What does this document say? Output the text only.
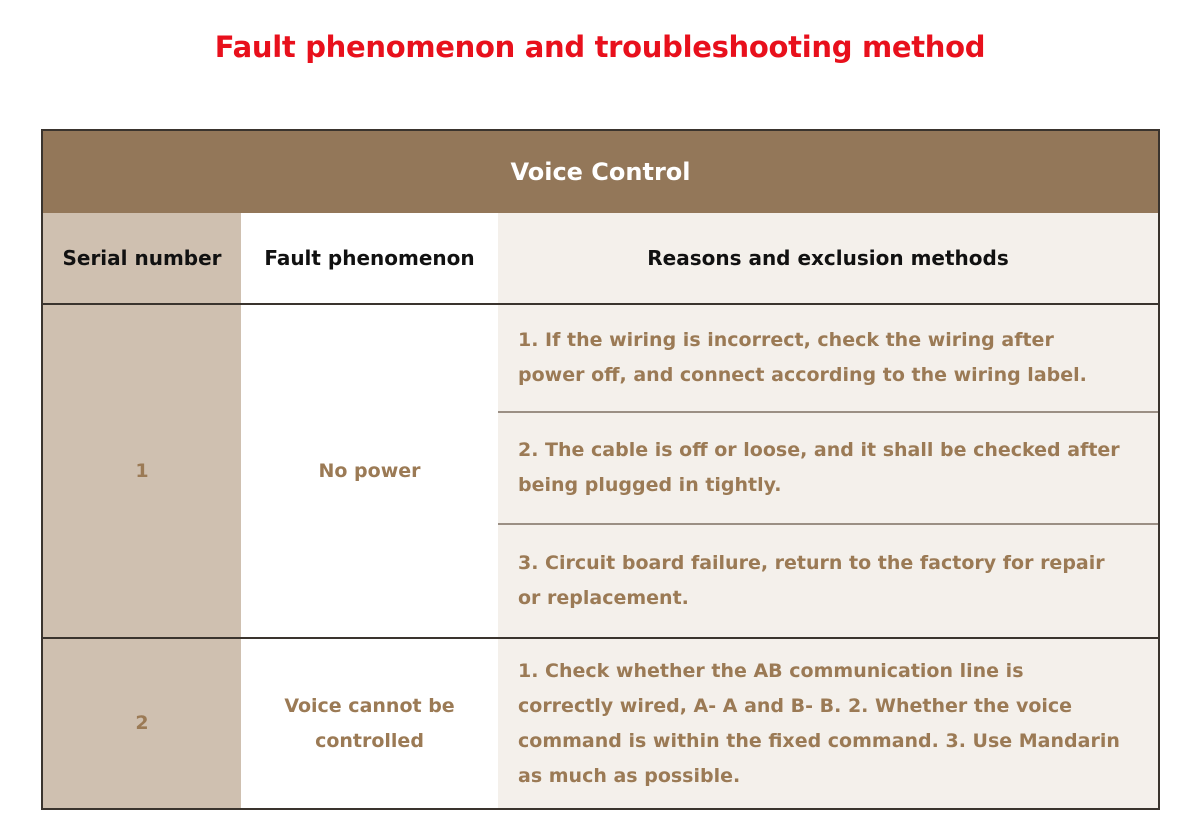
Fault phenomenon and troubleshooting method
Voice Control
Serial number Fault phenomenon	Reasons and exclusion methods
1	No power
1. If the wiring is incorrect, check the wiring after power off, and connect according to the wiring label.
2. The cable is off or loose, and it shall be checked after being plugged in tightly.
3. Circuit board failure, return to the factory for repair or replacement.
2
Voice cannot be controlled
1. Check whether the AB communication line is correctly wired, A- A and B- B. 2. Whether the voice command is within the fixed command. 3. Use Mandarin as much as possible.
